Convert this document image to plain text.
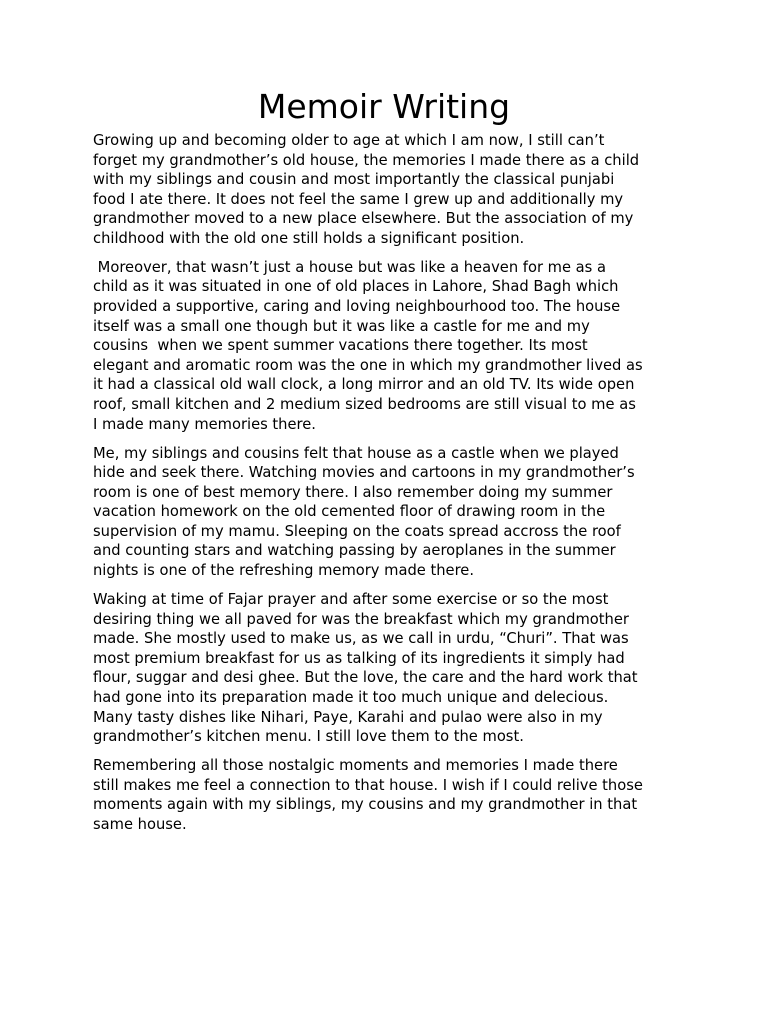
Memoir Writing

Growing up and becoming older to age at which I am now, I still can’t
forget my grandmother’s old house, the memories I made there as a child
with my siblings and cousin and most importantly the classical punjabi
food I ate there. It does not feel the same I grew up and additionally my
grandmother moved to a new place elsewhere. But the association of my
childhood with the old one still holds a significant position.

Moreover, that wasn’t just a house but was like a heaven for me as a
child as it was situated in one of old places in Lahore, Shad Bagh which
provided a supportive, caring and loving neighbourhood too. The house
itself was a small one though but it was like a castle for me and my
cousins  when we spent summer vacations there together. Its most
elegant and aromatic room was the one in which my grandmother lived as
it had a classical old wall clock, a long mirror and an old TV. Its wide open
roof, small kitchen and 2 medium sized bedrooms are still visual to me as
I made many memories there.

Me, my siblings and cousins felt that house as a castle when we played
hide and seek there. Watching movies and cartoons in my grandmother’s
room is one of best memory there. I also remember doing my summer
vacation homework on the old cemented floor of drawing room in the
supervision of my mamu. Sleeping on the coats spread accross the roof
and counting stars and watching passing by aeroplanes in the summer
nights is one of the refreshing memory made there.

Waking at time of Fajar prayer and after some exercise or so the most
desiring thing we all paved for was the breakfast which my grandmother
made. She mostly used to make us, as we call in urdu, “Churi”. That was
most premium breakfast for us as talking of its ingredients it simply had
flour, suggar and desi ghee. But the love, the care and the hard work that
had gone into its preparation made it too much unique and delecious.
Many tasty dishes like Nihari, Paye, Karahi and pulao were also in my
grandmother’s kitchen menu. I still love them to the most.

Remembering all those nostalgic moments and memories I made there
still makes me feel a connection to that house. I wish if I could relive those
moments again with my siblings, my cousins and my grandmother in that
same house.
